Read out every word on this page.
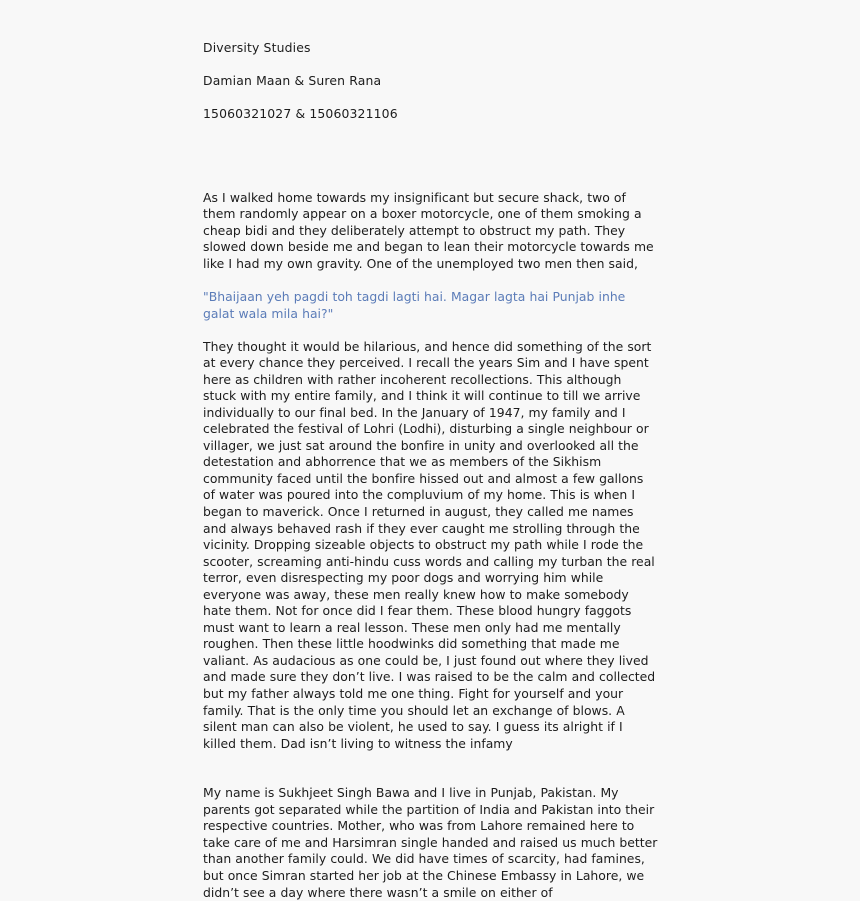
Diversity Studies

Damian Maan & Suren Rana

15060321027 & 15060321106

As I walked home towards my insignificant but secure shack, two of them randomly appear on a boxer motorcycle, one of them smoking a cheap bidi and they deliberately attempt to obstruct my path. They slowed down beside me and began to lean their motorcycle towards me like I had my own gravity. One of the unemployed two men then said,

"Bhaijaan yeh pagdi toh tagdi lagti hai. Magar lagta hai Punjab inhe galat wala mila hai?"

They thought it would be hilarious, and hence did something of the sort at every chance they perceived. I recall the years Sim and I have spent here as children with rather incoherent recollections. This although stuck with my entire family, and I think it will continue to till we arrive individually to our final bed. In the January of 1947, my family and I celebrated the festival of Lohri (Lodhi), disturbing a single neighbour or villager, we just sat around the bonfire in unity and overlooked all the detestation and abhorrence that we as members of the Sikhism community faced until the bonfire hissed out and almost a few gallons of water was poured into the compluvium of my home. This is when I began to maverick. Once I returned in august, they called me names and always behaved rash if they ever caught me strolling through the vicinity. Dropping sizeable objects to obstruct my path while I rode the scooter, screaming anti-hindu cuss words and calling my turban the real terror, even disrespecting my poor dogs and worrying him while everyone was away, these men really knew how to make somebody hate them. Not for once did I fear them. These blood hungry faggots must want to learn a real lesson. These men only had me mentally roughen. Then these little hoodwinks did something that made me valiant. As audacious as one could be, I just found out where they lived and made sure they don’t live. I was raised to be the calm and collected but my father always told me one thing. Fight for yourself and your family. That is the only time you should let an exchange of blows. A silent man can also be violent, he used to say. I guess its alright if I killed them. Dad isn’t living to witness the infamy

My name is Sukhjeet Singh Bawa and I live in Punjab, Pakistan. My parents got separated while the partition of India and Pakistan into their respective countries. Mother, who was from Lahore remained here to take care of me and Harsimran single handed and raised us much better than another family could. We did have times of scarcity, had famines, but once Simran started her job at the Chinese Embassy in Lahore, we didn’t see a day where there wasn’t a smile on either of
